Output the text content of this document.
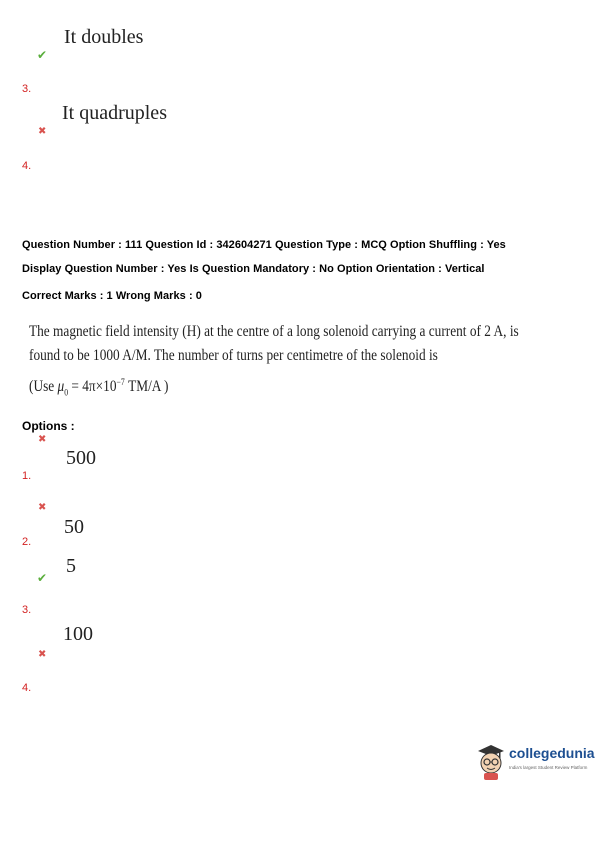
It doubles
✔
3.
It quadruples
✖
4.
Question Number : 111 Question Id : 342604271 Question Type : MCQ Option Shuffling : Yes
Display Question Number : Yes Is Question Mandatory : No Option Orientation : Vertical
Correct Marks : 1 Wrong Marks : 0
The magnetic field intensity (H) at the centre of a long solenoid carrying a current of 2 A, is
found to be 1000 A/M. The number of turns per centimetre of the solenoid is
(Use $\mu_0 = 4\pi\times 10^{-7}$ TM/A )
Options :
✖
500
1.
✖
50
2.
5
✔
3.
100
✖
4.
collegedunia
India's largest Student Review Platform
